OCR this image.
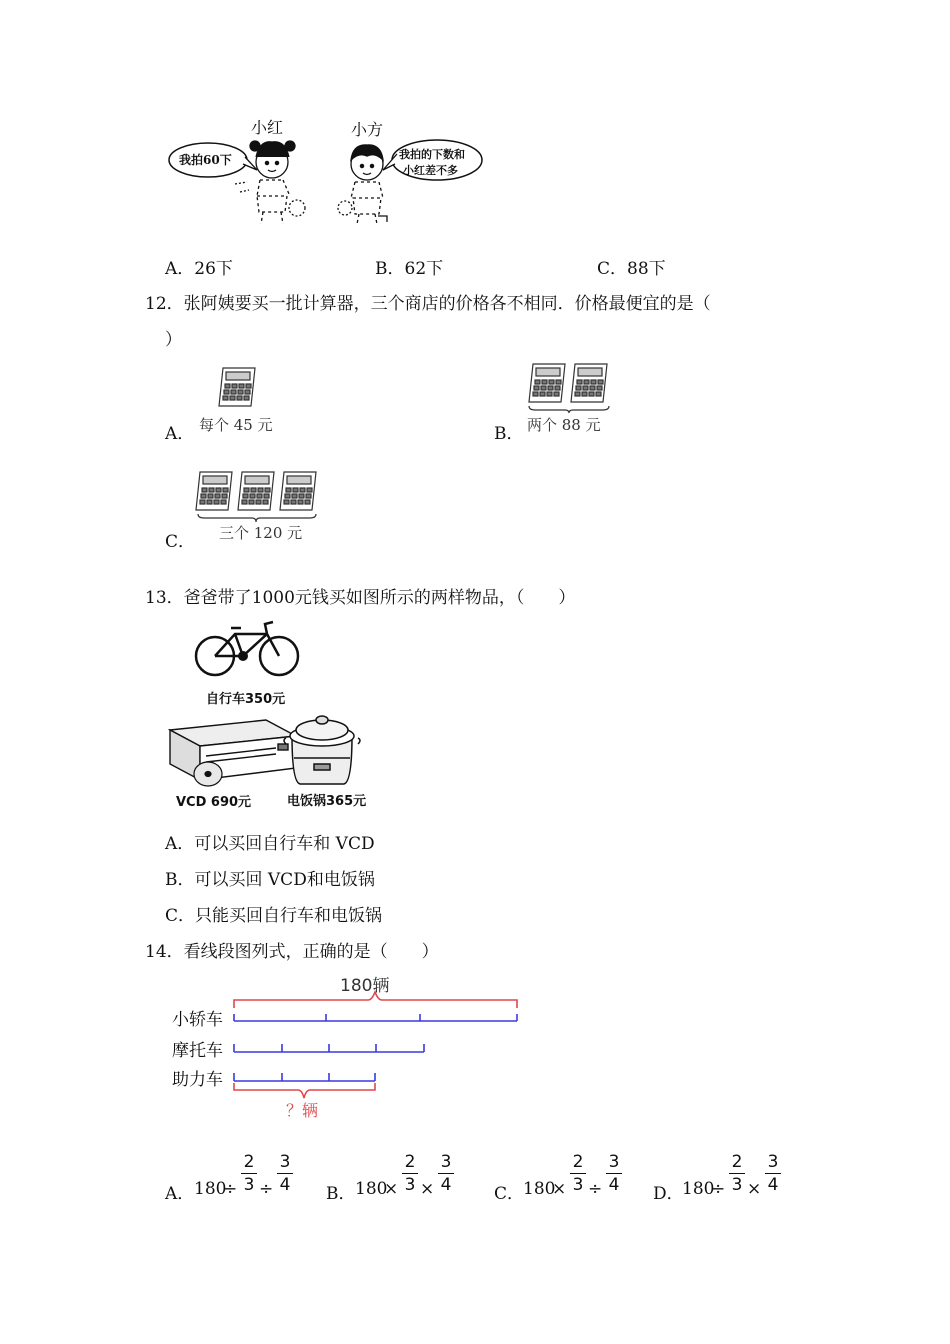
小红	小方
我拍60下	我拍的下数和
小红差不多
A．26下	B．62下	C．88下
12．张阿姨要买一批计算器，三个商店的价格各不相同．价格最便宜的是（
）
A． 每个 45 元	B． 两个 88 元
C． 三个 120 元
13．爸爸带了1000元钱买如图所示的两样物品，（　　）
自行车350元
VCD 690元	电饭锅365元
A．可以买回自行车和 VCD
B．可以买回 VCD和电饭锅
C．只能买回自行车和电饭锅
14．看线段图列式，正确的是（　　）
180辆
小轿车
摩托车
助力车
？辆
A． 180
÷ $\frac{2}{3} \div \frac{3}{4}$ B． 180
× $\frac{2}{3} \times \frac{3}{4}$ C．
180
× $\frac{2}{3} \div \frac{3}{4}$ D．
180
÷ $\frac{2}{3} \times \frac{3}{4}$
